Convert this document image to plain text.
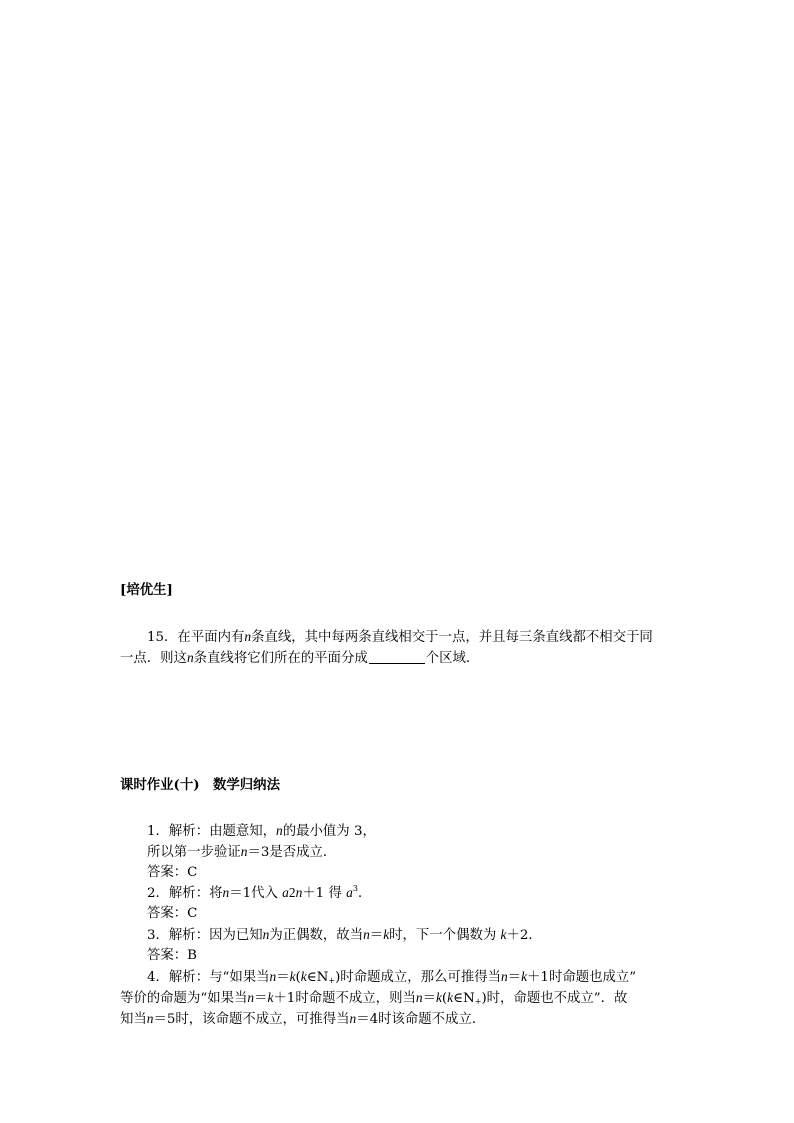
[培优生]
15．在平面内有n条直线，其中每两条直线相交于一点，并且每三条直线都不相交于同
一点．则这n条直线将它们所在的平面分成	个区域．
课时作业(十)　数学归纳法
1．解析：由题意知，n的最小值为 3，
所以第一步验证n＝3是否成立．
答案：C
2．解析：将n＝1代入 a2n＋1 得 $a^3$.
答案：C
3．解析：因为已知n为正偶数，故当n＝k时，下一个偶数为 k＋2．
答案：B
4．解析：与“如果当$n=k(k\in N_+)$时命题成立，那么可推得当n＝k＋1时命题也成立”
等价的命题为“如果当n＝k＋1时命题不成立，则当$n=k(k\in N_+)$时，命题也不成立”．故
知当n＝5时，该命题不成立，可推得当n＝4时该命题不成立．
